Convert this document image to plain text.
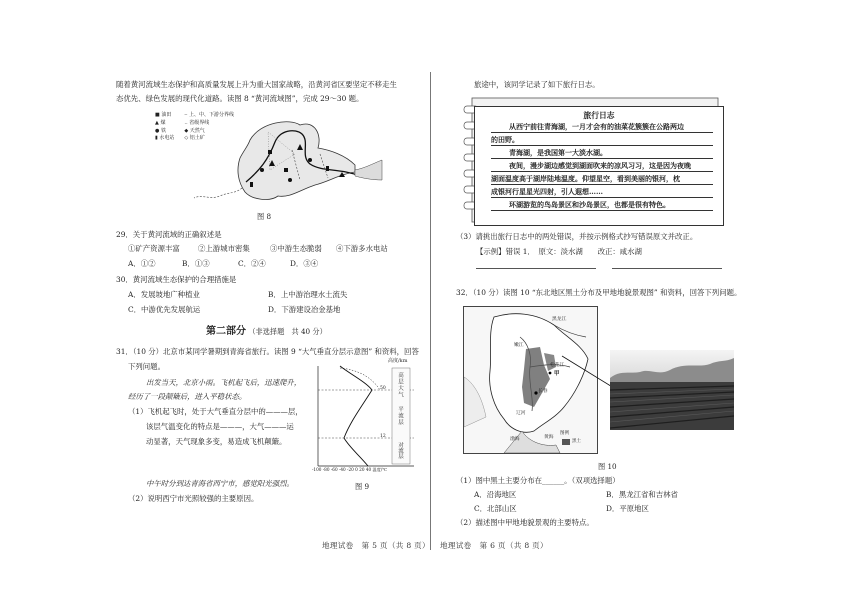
随着黄河流域生态保护和高质量发展上升为重大国家战略，沿黄河省区要坚定不移走生
态优先、绿色发展的现代化道路。读图 8 “黄河流域图”，完成 29～30 题。
■ 油田
▲ 煤
● 铁
▮ 水电站
┄ 上、中、下游分界线
‥ 省级界线
◆ 天然气
◇ 铝土矿
图 8
29．关于黄河流域的正确叙述是
①矿产资源丰富 ②上游城市密集	③中游生态脆弱 ④下游多水电站
A．①②	B．①③	C．②④	D．③④
30．黄河流域生态保护的合理措施是
A．发展坡地广种植业	B．上中游治理水土流失
C．中游优先发展航运	D．下游建设冶金基地
第二部分 （非选择题　共 40 分）
31．（10 分）北京市某同学暑期到青海省旅行。读图 9 “大气垂直分层示意图” 和资料，回答
下列问题。
出发当天，北京小雨。飞机起飞后，迅速爬升，
经历了一段颠簸后，进入平稳状态。
（1）飞机起飞时，处于大气垂直分层中的———层，
该层气温变化的特点是———，大气———运
动显著，天气现象多变，易造成飞机颠簸。
中午时分到达青海省西宁市，感觉阳光强烈。
（2）说明西宁市光照较强的主要原因。
高度/km
50
12
高层大气
平流层
对流层
-100 -80 -60 -40 -20 0 20 40 温度/℃
图 9
地理试卷　第 5 页（共 8 页）
旅途中，该同学记录了如下旅行日志。
旅行日志
从西宁前往青海湖，一月才会有的油菜花簇簇在公路两边
的田野。
青海湖，是我国第一大淡水湖。
夜间，漫步湖边感觉到湖面吹来的凉风习习，这是因为夜晚
湖面温度高于湖岸陆地温度。仰望星空，看到美丽的银河，枕
成银河行星星光四射，引人遐想……
环湖游览的鸟岛景区和沙岛景区，也都是很有特色。
（3）请挑出旅行日志中的两处错误，并按示例格式抄写错误原文并改正。
【示例】错误 1．　原文：淡水湖　　改正：咸水湖
32．（10 分）读图 10 “东北地区黑土分布及甲地地貌景观图” 和资料，回答下列问题。
黑龙江
松花江
甲
长春
嫩江
辽河
渤海	黄海
图例
黑土
图 10
（1）图中黑土主要分布在______。（双项选择题）
A．沿海地区	B．黑龙江省和吉林省
C．北部山区	D．平原地区
（2）描述图中甲地地貌景观的主要特点。
地理试卷　第 6 页（共 8 页）
